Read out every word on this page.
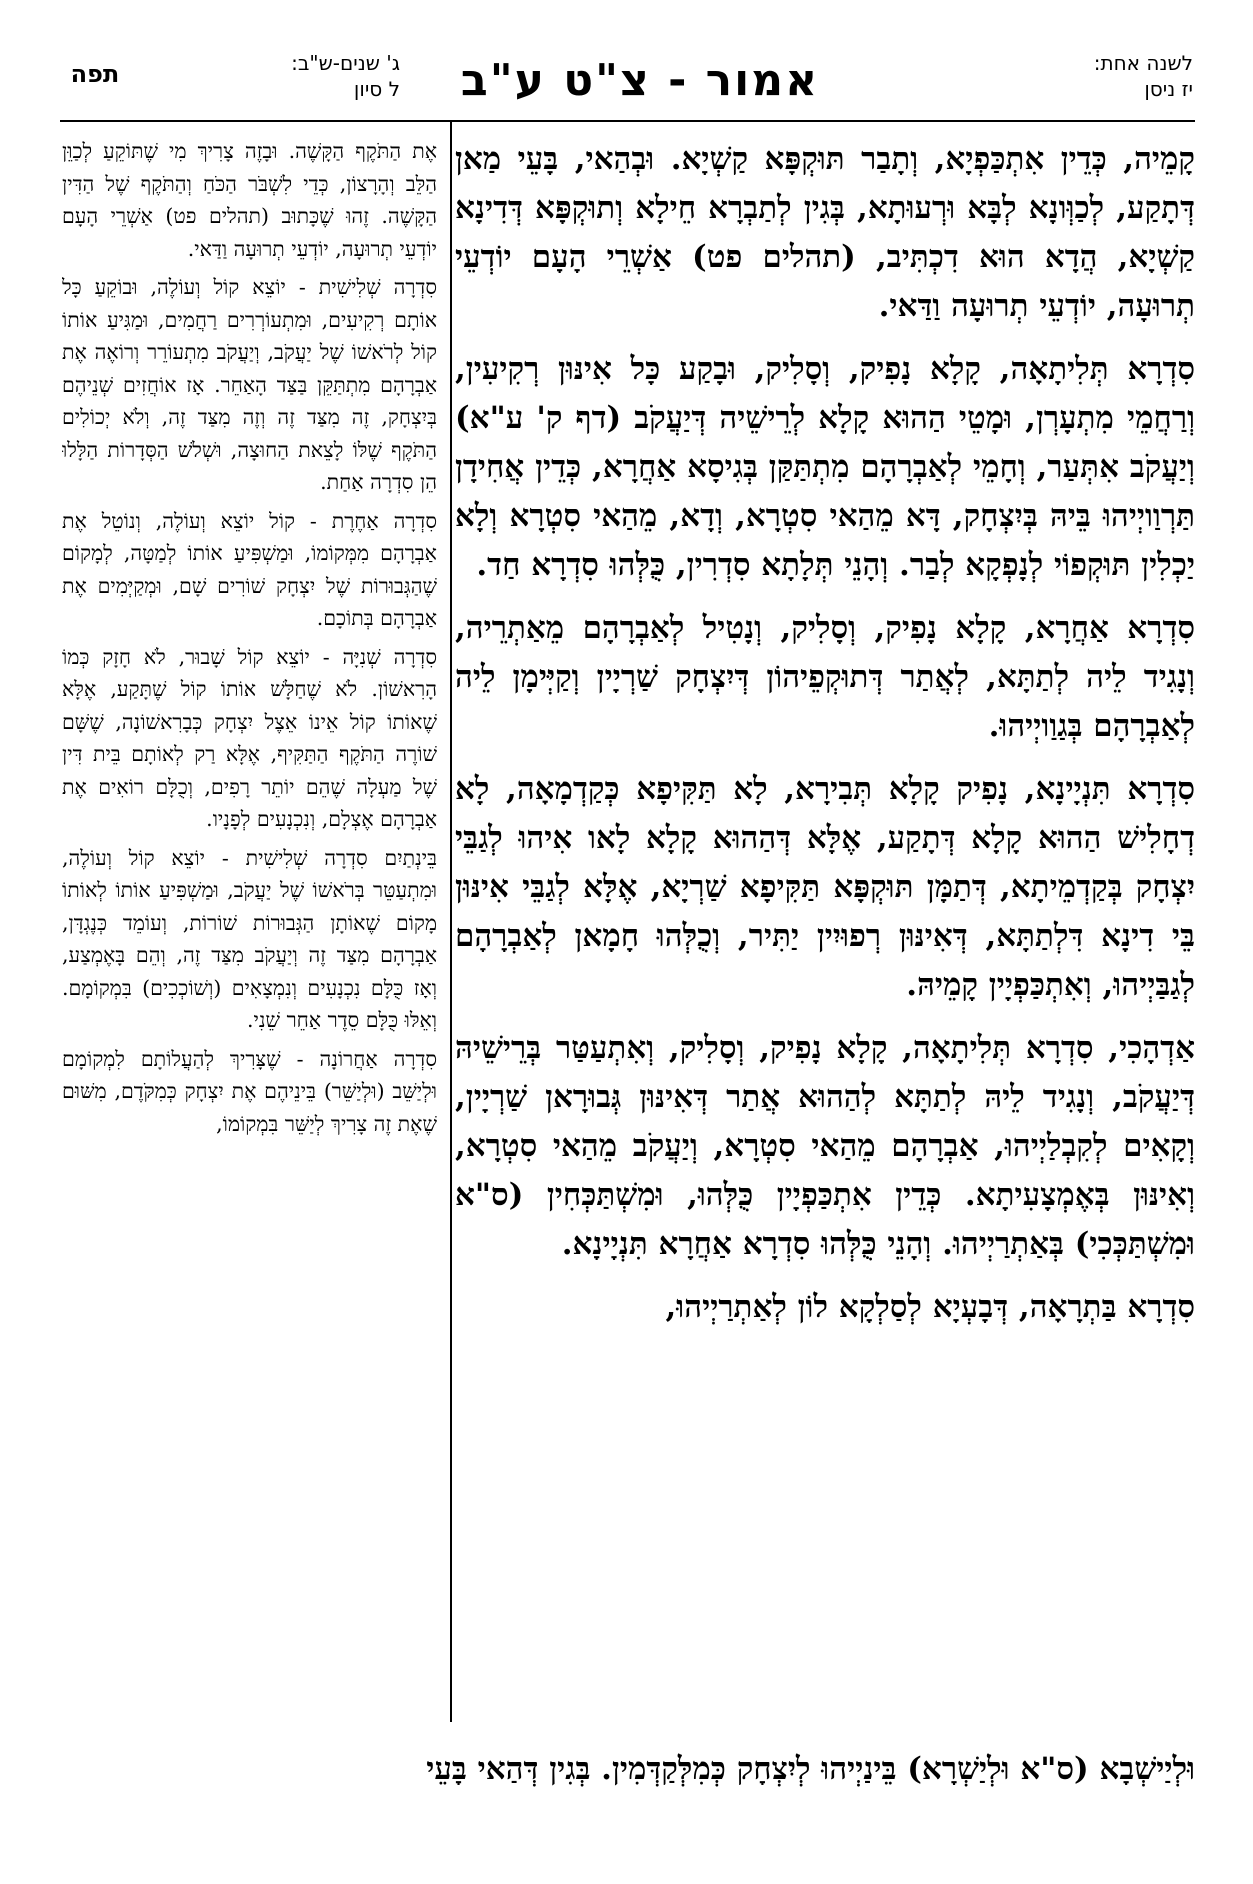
לשנה אחת:
יז ניסן
אמור - צ"ט ע"ב
ג' שנים-ש"ב:
ל סיון
תפה

קָמֵיה, כְּדֵין אִתְכַּפְיָא, וְתָבַר תּוּקְפָּא קַשְׁיָא. וּבְהַאי, בָּעֵי מַאן דְּתָקַע, לְכַוְּונָא לְבָּא וּרְעוּתָא, בְּגִין לְתַבְרָא חֵילָא וְתוּקְפָּא דְּדִינָא קַשְׁיָא, הֲדָא הוּא דִכְתִּיב, (תהלים פט) אַשְׁרֵי הָעָם יוֹדְעֵי תְרוּעָה, יוֹדְעֵי תְרוּעָה וַדַּאי.

סִדְרָא תְּלִיתָאָה, קָלָא נָפִיק, וְסָלִיק, וּבָקַע כָּל אִינּוּן רְקִיעִין, וְרַחֲמֵי מִתְעָרְן, וּמָטֵי הַהוּא קָלָא לְרֵישֵׁיה דְּיַעֲקֹב (דף ק' ע"א) וְיַעֲקֹב אִתְּעַר, וְחָמֵי לְאַבְרָהָם מִתְתַּקַּן בְּגִיסָא אַחֲרָא, כְּדֵין אֲחִידָן תַּרְוַויְיהוּ בֵּיהּ בְּיִצְחָק, דָּא מֵהַאי סִטְרָא, וְדָא, מֵהַאי סִטְרָא וְלָא יַכְלִין תּוּקְפוֹי לְנָפְקָא לְבַר. וְהָנֵי תְּלָתָא סִדְרִין, כֻּלְּהוּ סִדְרָא חַד.

סִדְרָא אַחֲרָא, קָלָא נָפִיק, וְסָלִיק, וְנָטִיל לְאַבְרָהָם מֵאַתְרֵיה, וְנָגִיד לֵיה לְתַתָּא, לְאֲתַר דְּתוּקְפֵיהוֹן דְּיִצְחָק שַׁרְיָין וְקַיְּימָן לֵיה לְאַבְרָהָם בְּגַוַויְיהוּ.

סִדְרָא תִּנְיָינָא, נָפִיק קָלָא תְּבִירָא, לָא תַּקִּיפָא כְּקַדְמָאָה, לָא דְחָלִישׁ הַהוּא קָלָא דְּתָקַע, אֶלָּא דְּהַהוּא קָלָא לָאו אִיהוּ לְגַבֵּי יִצְחָק בְּקַדְמֵיתָא, דְּתַמָּן תּוּקְפָּא תַּקִּיפָא שַׁרְיָא, אֶלָּא לְגַבֵּי אִינּוּן בֵּי דִינָא דִּלְתַתָּא, דְּאִינּוּן רְפוּיִין יַתִּיר, וְכֻלְּהוּ חָמָאן לְאַבְרָהָם לְגַבַּיְיהוּ, וְאִתְכַּפְיָין קָמֵיהּ.

אַדְהָכִי, סִדְרָא תְּלִיתָאָה, קָלָא נָפִיק, וְסָלִיק, וְאִתְעַטַּר בְּרֵישֵׁיהּ דְּיַעֲקֹב, וְנָגִיד לֵיהּ לְתַתָּא לְהַהוּא אֲתַר דְּאִינּוּן גְּבוּרָאן שַׁרְיָין, וְקָאִים לְקִבְלַיְיהוּ, אַבְרָהָם מֵהַאי סִטְרָא, וְיַעֲקֹב מֵהַאי סִטְרָא, וְאִינּוּן בְּאֶמְצָעִיתָא. כְּדֵין אִתְכַּפְיָין כֻּלְּהוּ, וּמִשְׁתַּכְּחִין (ס"א וּמִשְׁתַּכְּכִי) בְּאַתְרַיְיהוּ. וְהָנֵי כֻּלְּהוּ סִדְרָא אַחֲרָא תִּנְיָינָא.

סִדְרָא בַּתְרָאָה, דְּבָעְיָא לְסַלְקָא לוֹן לְאַתְרַיְיהוּ,

אֶת הַתֹּקֶף הַקָּשֶׁה. וּבָזֶה צָרִיךְ מִי שֶׁתּוֹקֵעַ לְכַוֵּן הַלֵּב וְהָרָצוֹן, כְּדֵי לִשְׁבֹּר הַכֹּחַ וְהַתֹּקֶף שֶׁל הַדִּין הַקָּשֶׁה. זֶהוּ שֶׁכָּתוּב (תהלים פט) אַשְׁרֵי הָעָם יוֹדְעֵי תְרוּעָה, יוֹדְעֵי תְרוּעָה וַדַּאי.

סִדְרָה שְׁלִישִׁית - יוֹצֵא קוֹל וְעוֹלֶה, וּבוֹקֵעַ כָּל אוֹתָם רְקִיעִים, וּמִתְעוֹרְרִים רַחֲמִים, וּמַגִּיעַ אוֹתוֹ קוֹל לְרֹאשׁוֹ שֶׁל יַעֲקֹב, וְיַעֲקֹב מִתְעוֹרֵר וְרוֹאֶה אֶת אַבְרָהָם מִתְתַּקֵּן בַּצַּד הָאַחֵר. אָז אוֹחֲזִים שְׁנֵיהֶם בְּיִצְחָק, זֶה מִצַּד זֶה וְזֶה מִצַּד זֶה, וְלֹא יְכוֹלִים הַתֹּקֶף שֶׁלּוֹ לָצֵאת הַחוּצָה, וּשְׁלֹשׁ הַסְּדָרוֹת הַלָּלוּ הֵן סִדְרָה אַחַת.

סִדְרָה אַחֶרֶת - קוֹל יוֹצֵא וְעוֹלֶה, וְנוֹטֵל אֶת אַבְרָהָם מִמְּקוֹמוֹ, וּמַשְׁפִּיעַ אוֹתוֹ לְמַטָּה, לְמָקוֹם שֶׁהַגְּבוּרוֹת שֶׁל יִצְחָק שׁוֹרִים שָׁם, וּמְקַיְּמִים אֶת אַבְרָהָם בְּתוֹכָם.

סִדְרָה שְׁנִיָּה - יוֹצֵא קוֹל שָׁבוּר, לֹא חָזָק כְּמוֹ הָרִאשׁוֹן. לֹא שֶׁחַלָּשׁ אוֹתוֹ קוֹל שֶׁתָּקַע, אֶלָּא שֶׁאוֹתוֹ קוֹל אֵינוֹ אֵצֶל יִצְחָק כְּבָרִאשׁוֹנָה, שֶׁשָּׁם שׁוֹרֶה הַתֹּקֶף הַתַּקִּיף, אֶלָּא רַק לְאוֹתָם בֵּית דִּין שֶׁל מַעְלָה שֶׁהֵם יוֹתֵר רָפִים, וְכֻלָּם רוֹאִים אֶת אַבְרָהָם אֶצְלָם, וְנִכְנָעִים לְפָנָיו.

בֵּינְתַיִם סִדְרָה שְׁלִישִׁית - יוֹצֵא קוֹל וְעוֹלֶה, וּמִתְעַטֵּר בְּרֹאשׁוֹ שֶׁל יַעֲקֹב, וּמַשְׁפִּיעַ אוֹתוֹ לְאוֹתוֹ מָקוֹם שֶׁאוֹתָן הַגְּבוּרוֹת שׁוֹרוֹת, וְעוֹמֵד כְּנֶגְדָּן, אַבְרָהָם מִצַּד זֶה וְיַעֲקֹב מִצַּד זֶה, וְהֵם בָּאֶמְצַע, וְאָז כֻּלָּם נִכְנָעִים וְנִמְצָאִים (וְשׁוֹכְכִים) בִּמְקוֹמָם. וְאֵלּוּ כֻּלָּם סֵדֶר אַחֵר שֵׁנִי.

סִדְרָה אַחֲרוֹנָה - שֶׁצָּרִיךְ לְהַעֲלוֹתָם לִמְקוֹמָם וּלְיַשֵּׁב (וּלְיַשֵּׁר) בֵּינֵיהֶם אֶת יִצְחָק כְּמִקֹּדֶם, מִשּׁוּם שֶׁאֶת זֶה צָרִיךְ לְיַשֵּׁר בִּמְקוֹמוֹ,

וּלְיַישְׁבָא (ס"א וּלְיַשְׁרָא) בֵּינַיְיהוּ לְיִצְחָק כְּמִלְּקַדְּמִין. בְּגִין דְּהַאי בָּעֵי
